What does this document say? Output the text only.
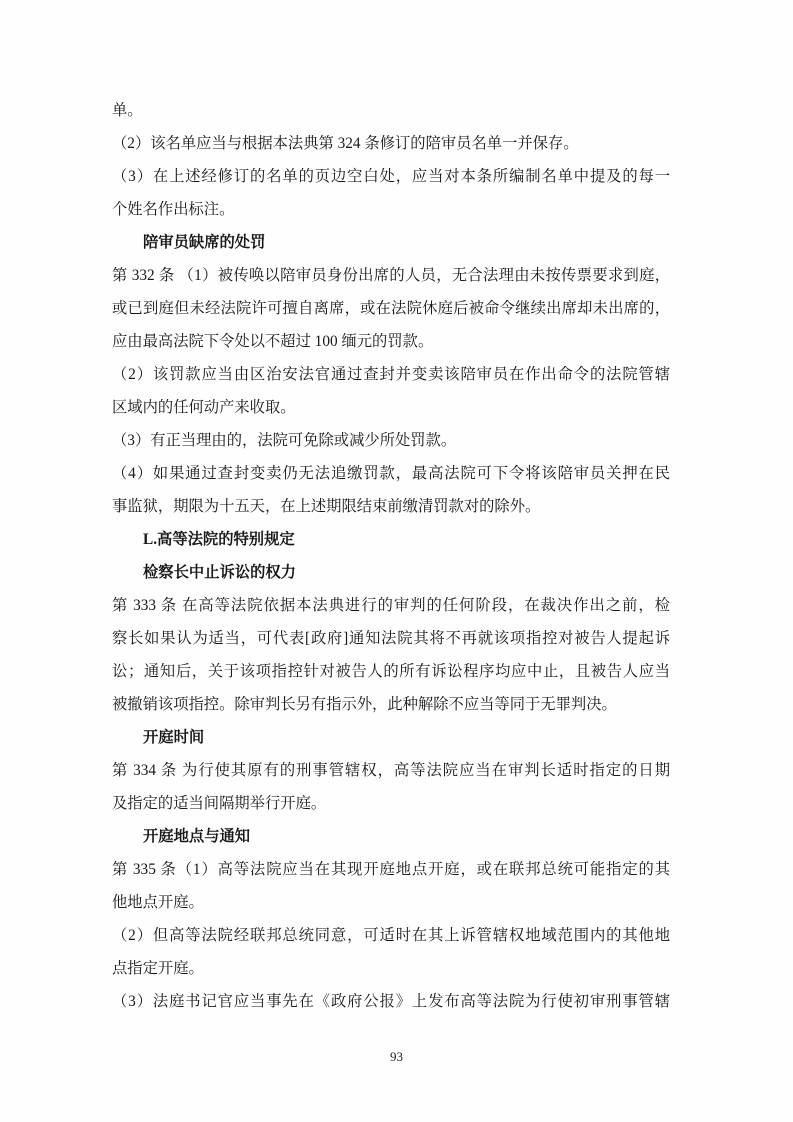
单。
（2）该名单应当与根据本法典第 324 条修订的陪审员名单一并保存。
（3）在上述经修订的名单的页边空白处，应当对本条所编制名单中提及的每一
个姓名作出标注。
陪审员缺席的处罚
第 332 条 （1）被传唤以陪审员身份出席的人员，无合法理由未按传票要求到庭，
或已到庭但未经法院许可擅自离席，或在法院休庭后被命令继续出席却未出席的，
应由最高法院下令处以不超过 100 缅元的罚款。
（2）该罚款应当由区治安法官通过查封并变卖该陪审员在作出命令的法院管辖
区域内的任何动产来收取。
（3）有正当理由的，法院可免除或减少所处罚款。
（4）如果通过查封变卖仍无法追缴罚款，最高法院可下令将该陪审员关押在民
事监狱，期限为十五天，在上述期限结束前缴清罚款对的除外。
L.高等法院的特别规定
检察长中止诉讼的权力
第 333 条 在高等法院依据本法典进行的审判的任何阶段，在裁决作出之前，检
察长如果认为适当，可代表[政府]通知法院其将不再就该项指控对被告人提起诉
讼；通知后，关于该项指控针对被告人的所有诉讼程序均应中止，且被告人应当
被撤销该项指控。除审判长另有指示外，此种解除不应当等同于无罪判决。
开庭时间
第 334 条 为行使其原有的刑事管辖权，高等法院应当在审判长适时指定的日期
及指定的适当间隔期举行开庭。
开庭地点与通知
第 335 条（1）高等法院应当在其现开庭地点开庭，或在联邦总统可能指定的其
他地点开庭。
（2）但高等法院经联邦总统同意，可适时在其上诉管辖权地域范围内的其他地
点指定开庭。
（3）法庭书记官应当事先在《政府公报》上发布高等法院为行使初审刑事管辖
93
